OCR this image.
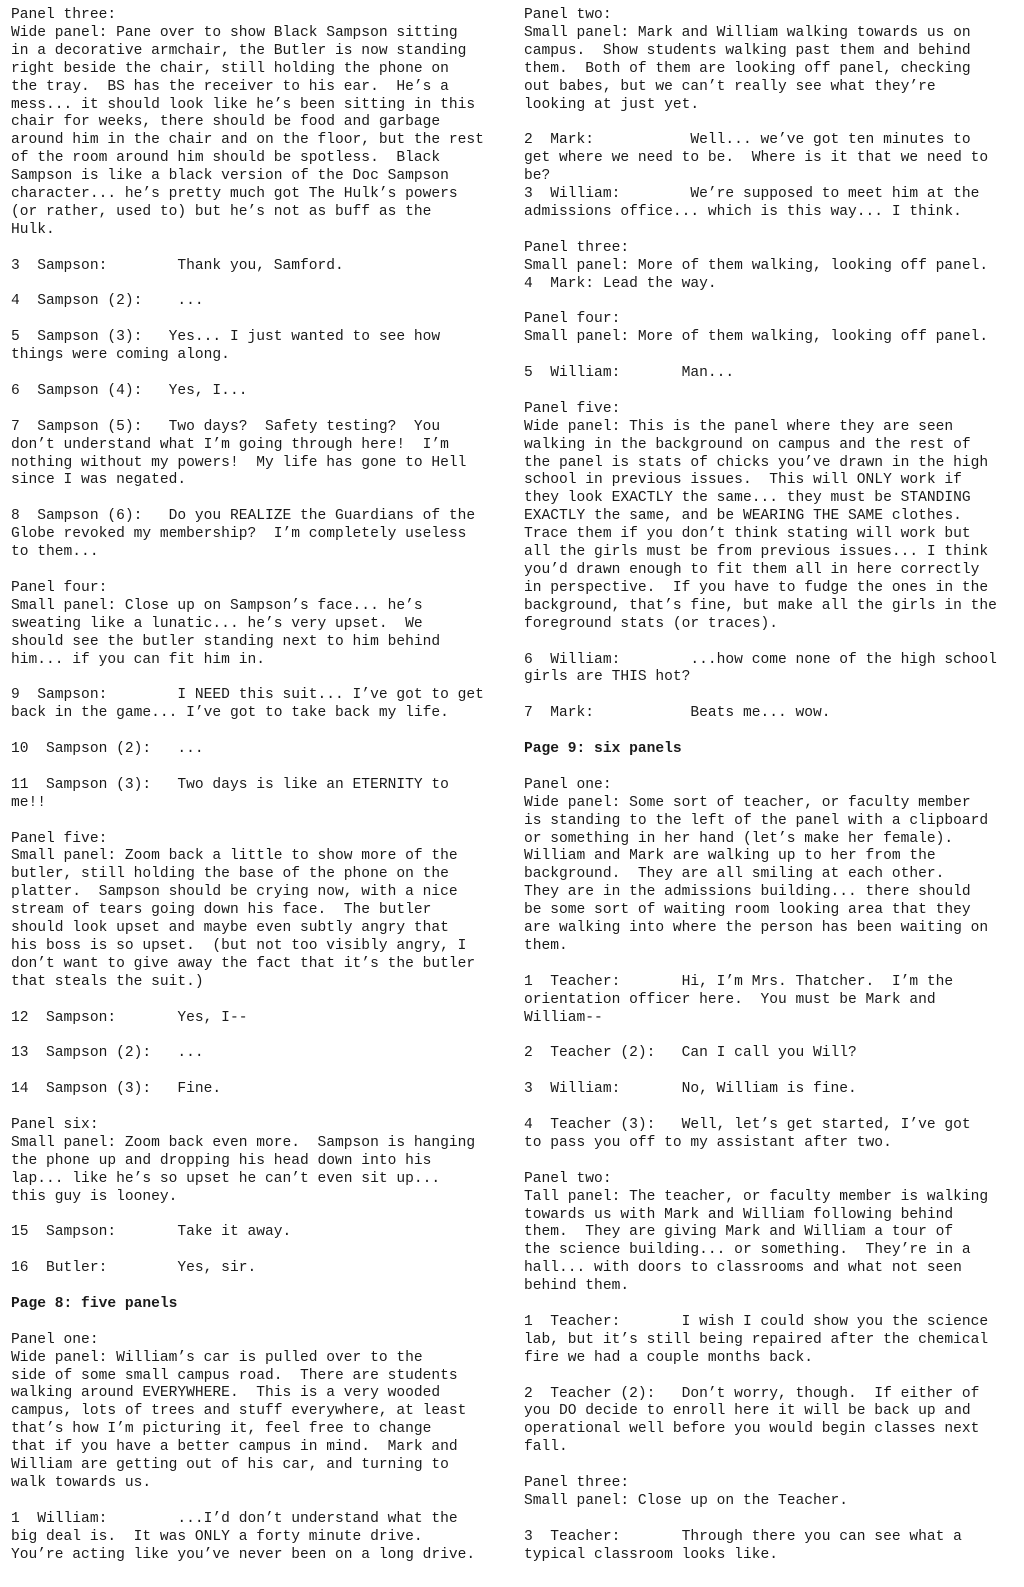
Panel three:
Wide panel: Pane over to show Black Sampson sitting
in a decorative armchair, the Butler is now standing
right beside the chair, still holding the phone on
the tray.  BS has the receiver to his ear.  He’s a
mess... it should look like he’s been sitting in this
chair for weeks, there should be food and garbage
around him in the chair and on the floor, but the rest
of the room around him should be spotless.  Black
Sampson is like a black version of the Doc Sampson
character... he’s pretty much got The Hulk’s powers
(or rather, used to) but he’s not as buff as the
Hulk.
3  Sampson:        Thank you, Samford.
4  Sampson (2):    ...
5  Sampson (3):   Yes... I just wanted to see how
things were coming along.
6  Sampson (4):   Yes, I...
7  Sampson (5):   Two days?  Safety testing?  You
don’t understand what I’m going through here!  I’m
nothing without my powers!  My life has gone to Hell
since I was negated.
8  Sampson (6):   Do you REALIZE the Guardians of the
Globe revoked my membership?  I’m completely useless
to them...
Panel four:
Small panel: Close up on Sampson’s face... he’s
sweating like a lunatic... he’s very upset.  We
should see the butler standing next to him behind
him... if you can fit him in.
9  Sampson:        I NEED this suit... I’ve got to get
back in the game... I’ve got to take back my life.
10  Sampson (2):   ...
11  Sampson (3):   Two days is like an ETERNITY to
me!!
Panel five:
Small panel: Zoom back a little to show more of the
butler, still holding the base of the phone on the
platter.  Sampson should be crying now, with a nice
stream of tears going down his face.  The butler
should look upset and maybe even subtly angry that
his boss is so upset.  (but not too visibly angry, I
don’t want to give away the fact that it’s the butler
that steals the suit.)
12  Sampson:       Yes, I--
13  Sampson (2):   ...
14  Sampson (3):   Fine.
Panel six:
Small panel: Zoom back even more.  Sampson is hanging
the phone up and dropping his head down into his
lap... like he’s so upset he can’t even sit up...
this guy is looney.
15  Sampson:       Take it away.
16  Butler:        Yes, sir.
Page 8: five panels
Panel one:
Wide panel: William’s car is pulled over to the
side of some small campus road.  There are students
walking around EVERYWHERE.  This is a very wooded
campus, lots of trees and stuff everywhere, at least
that’s how I’m picturing it, feel free to change
that if you have a better campus in mind.  Mark and
William are getting out of his car, and turning to
walk towards us.
1  William:        ...I’d don’t understand what the
big deal is.  It was ONLY a forty minute drive.
You’re acting like you’ve never been on a long drive.
Panel two:
Small panel: Mark and William walking towards us on
campus.  Show students walking past them and behind
them.  Both of them are looking off panel, checking
out babes, but we can’t really see what they’re
looking at just yet.
2  Mark:           Well... we’ve got ten minutes to
get where we need to be.  Where is it that we need to
be?
3  William:        We’re supposed to meet him at the
admissions office... which is this way... I think.
Panel three:
Small panel: More of them walking, looking off panel.
4  Mark: Lead the way.
Panel four:
Small panel: More of them walking, looking off panel.
5  William:       Man...
Panel five:
Wide panel: This is the panel where they are seen
walking in the background on campus and the rest of
the panel is stats of chicks you’ve drawn in the high
school in previous issues.  This will ONLY work if
they look EXACTLY the same... they must be STANDING
EXACTLY the same, and be WEARING THE SAME clothes.
Trace them if you don’t think stating will work but
all the girls must be from previous issues... I think
you’d drawn enough to fit them all in here correctly
in perspective.  If you have to fudge the ones in the
background, that’s fine, but make all the girls in the
foreground stats (or traces).
6  William:        ...how come none of the high school
girls are THIS hot?
7  Mark:           Beats me... wow.
Page 9: six panels
Panel one:
Wide panel: Some sort of teacher, or faculty member
is standing to the left of the panel with a clipboard
or something in her hand (let’s make her female).
William and Mark are walking up to her from the
background.  They are all smiling at each other.
They are in the admissions building... there should
be some sort of waiting room looking area that they
are walking into where the person has been waiting on
them.
1  Teacher:       Hi, I’m Mrs. Thatcher.  I’m the
orientation officer here.  You must be Mark and
William--
2  Teacher (2):   Can I call you Will?
3  William:       No, William is fine.
4  Teacher (3):   Well, let’s get started, I’ve got
to pass you off to my assistant after two.
Panel two:
Tall panel: The teacher, or faculty member is walking
towards us with Mark and William following behind
them.  They are giving Mark and William a tour of
the science building... or something.  They’re in a
hall... with doors to classrooms and what not seen
behind them.
1  Teacher:       I wish I could show you the science
lab, but it’s still being repaired after the chemical
fire we had a couple months back.
2  Teacher (2):   Don’t worry, though.  If either of
you DO decide to enroll here it will be back up and
operational well before you would begin classes next
fall.
Panel three:
Small panel: Close up on the Teacher.
3  Teacher:       Through there you can see what a
typical classroom looks like.
